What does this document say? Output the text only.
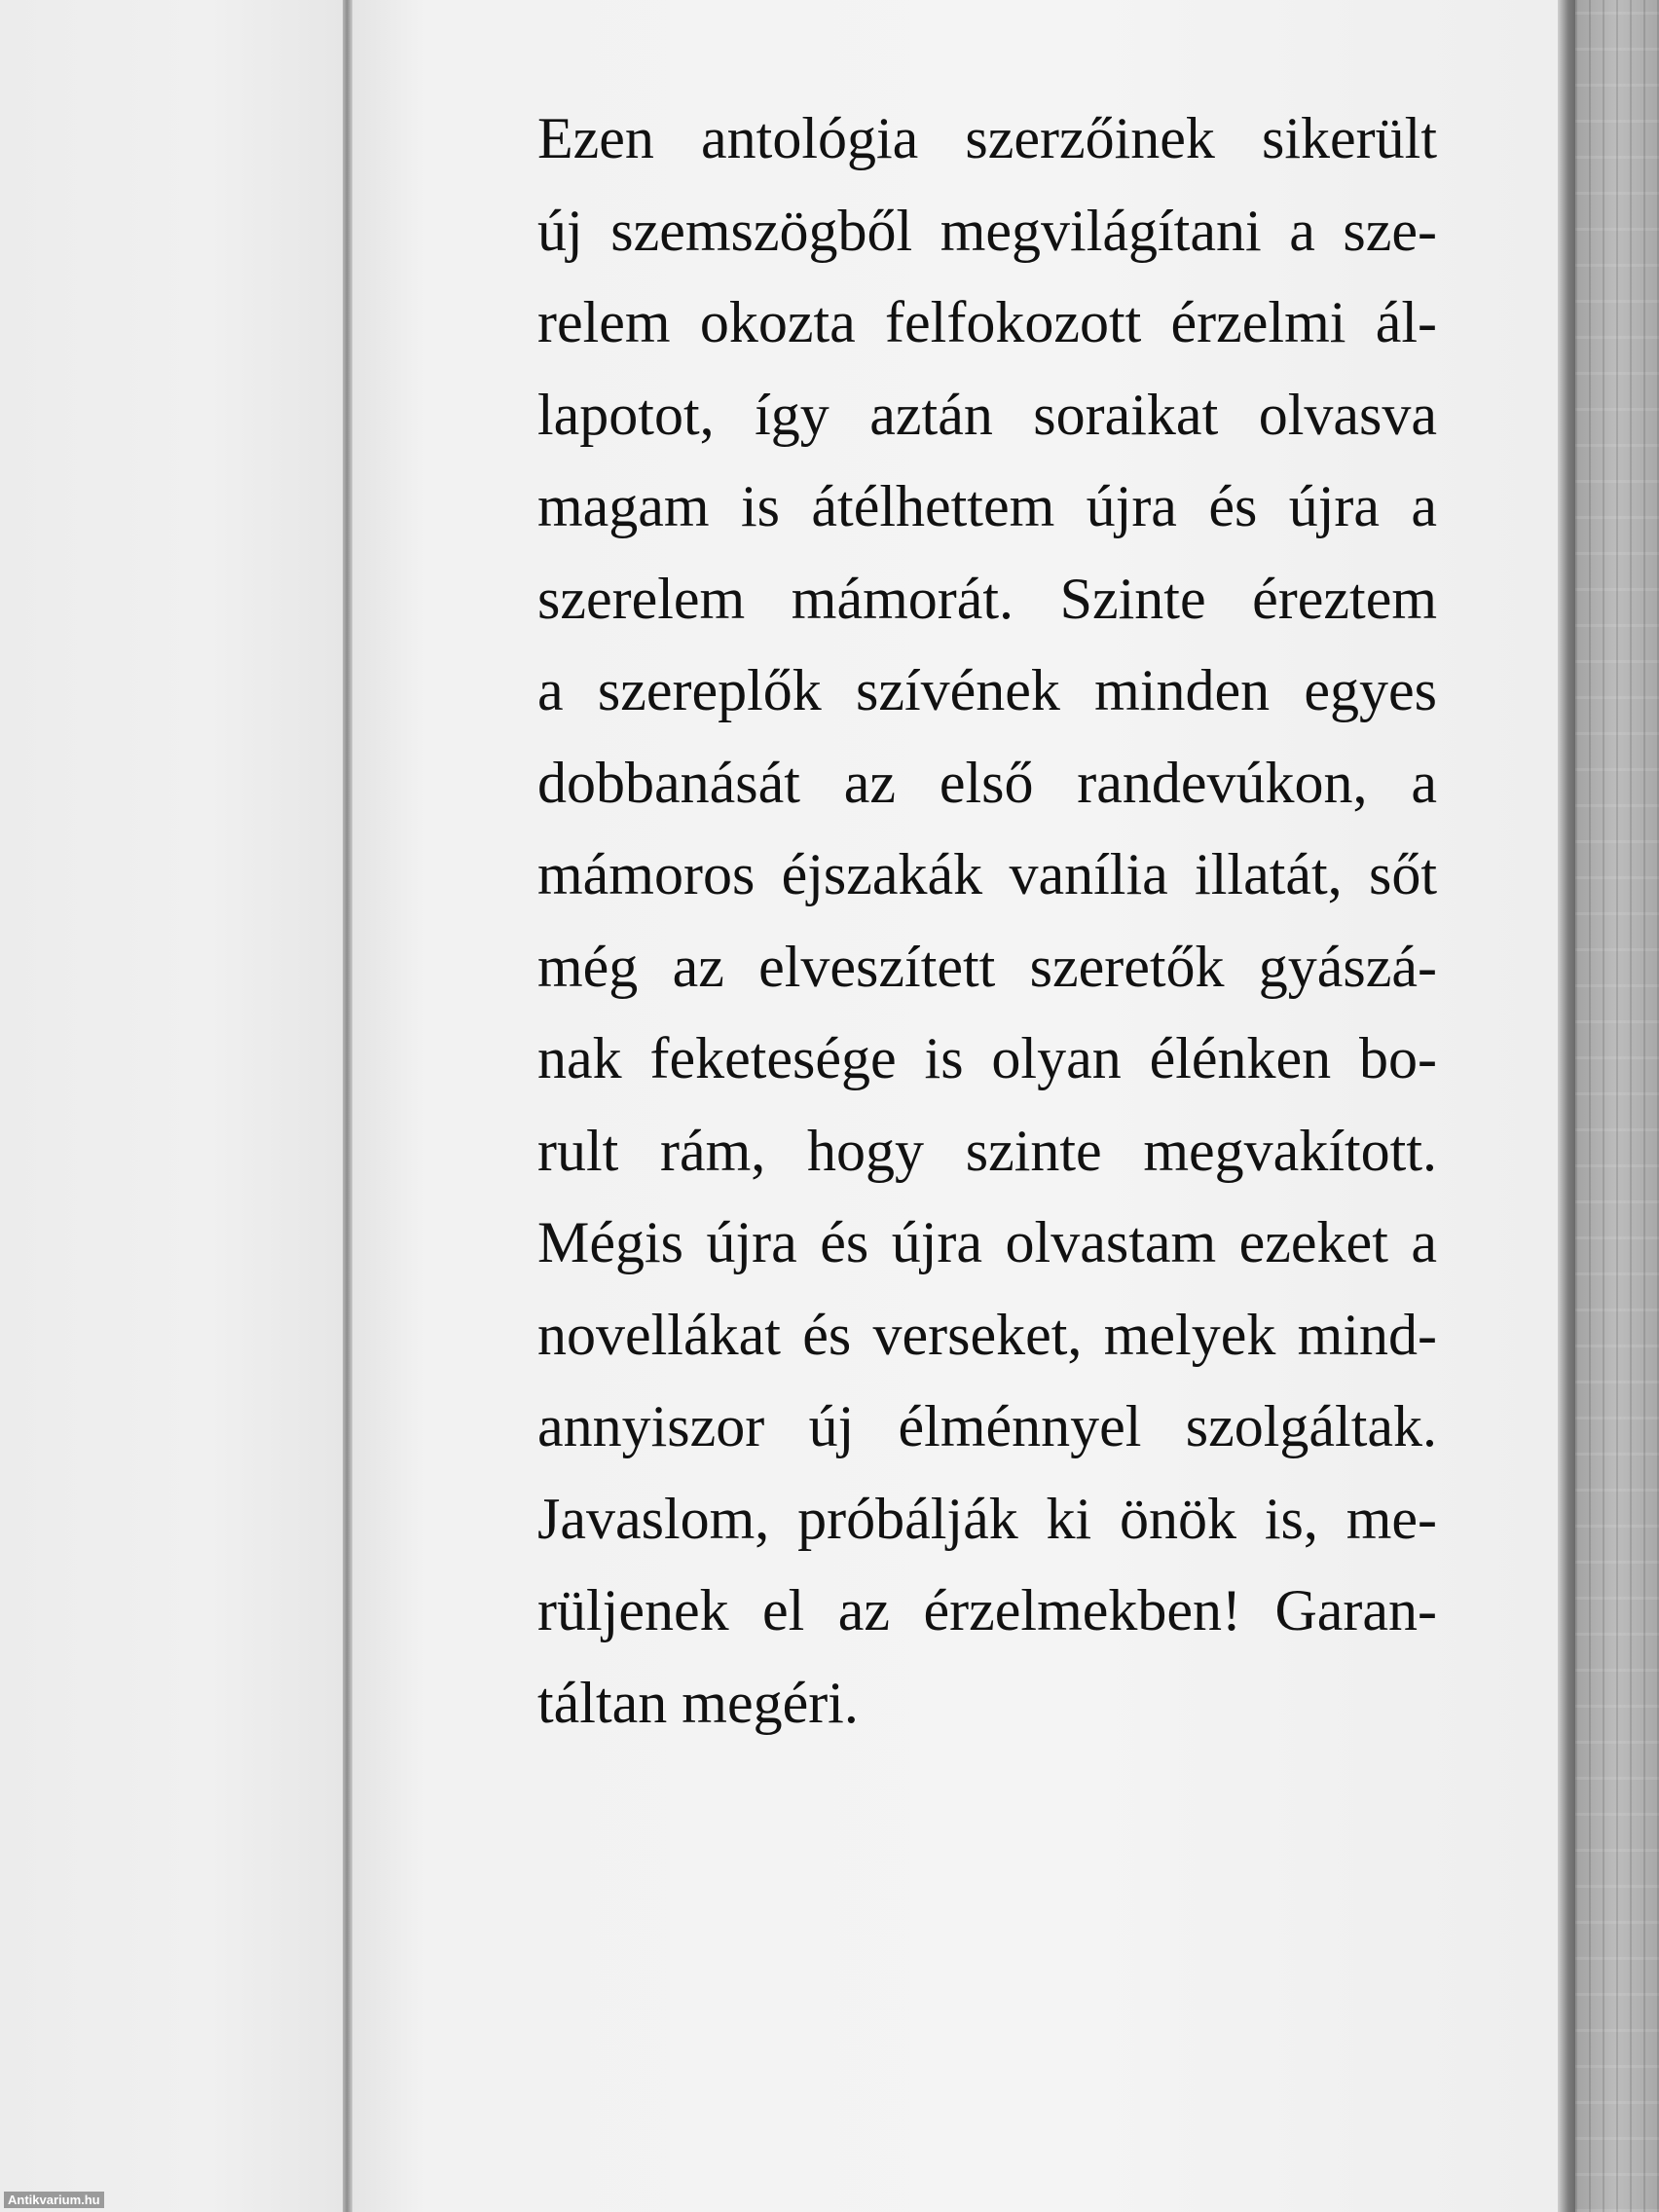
Ezen antológia szerzőinek sikerült
új szemszögből megvilágítani a sze-
relem okozta felfokozott érzelmi ál-
lapotot, így aztán soraikat olvasva
magam is átélhettem újra és újra a
szerelem mámorát. Szinte éreztem
a szereplők szívének minden egyes
dobbanását az első randevúkon, a
mámoros éjszakák vanília illatát, sőt
még az elveszített szeretők gyászá-
nak feketesége is olyan élénken bo-
rult rám, hogy szinte megvakított.
Mégis újra és újra olvastam ezeket a
novellákat és verseket, melyek mind-
annyiszor új élménnyel szolgáltak.
Javaslom, próbálják ki önök is, me-
rüljenek el az érzelmekben! Garan-
táltan megéri.
Antikvarium.hu
